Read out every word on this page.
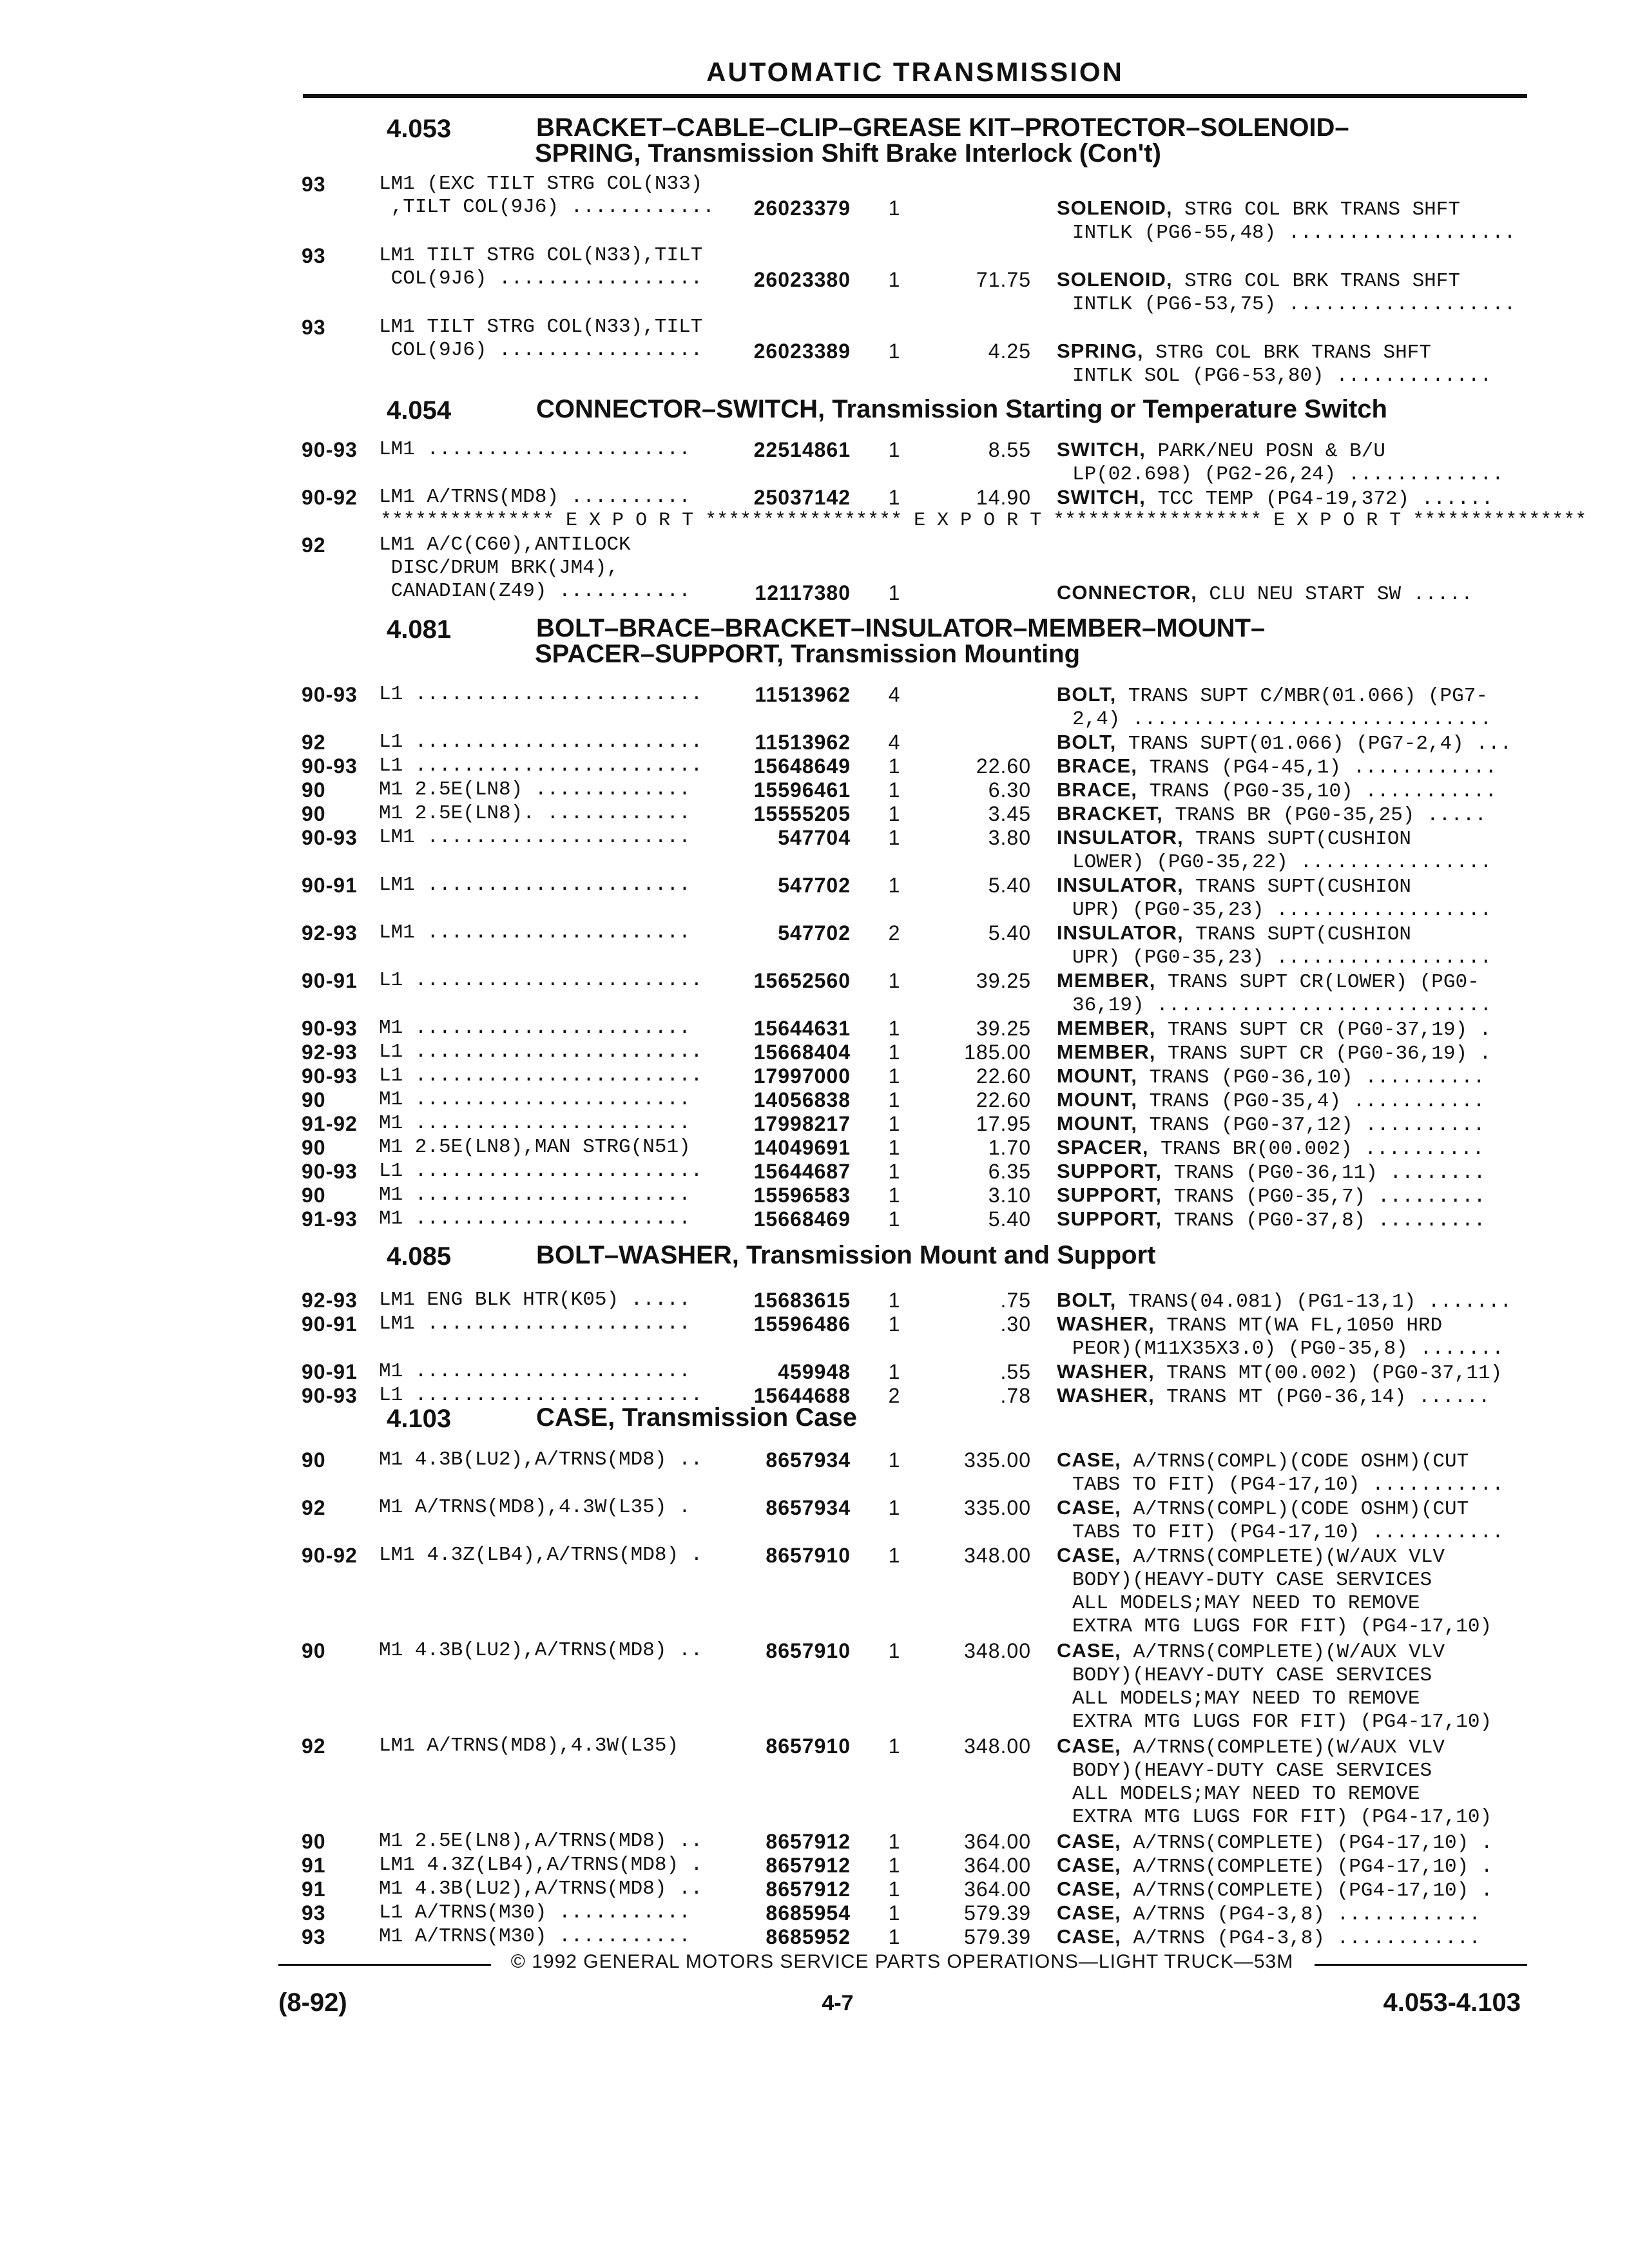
AUTOMATIC TRANSMISSION
4.053	BRACKET–CABLE–CLIP–GREASE KIT–PROTECTOR–SOLENOID–
SPRING, Transmission Shift Brake Interlock (Con't)
93	LM1 (EXC TILT STRG COL(N33)
,TILT COL(9J6) ............	26023379	1	SOLENOID, STRG COL BRK TRANS SHFT
INTLK (PG6-55,48) ...................
93	LM1 TILT STRG COL(N33),TILT
COL(9J6) .................	26023380	1	71.75 SOLENOID, STRG COL BRK TRANS SHFT
INTLK (PG6-53,75) ...................
93	LM1 TILT STRG COL(N33),TILT
COL(9J6) .................	26023389	1	4.25 SPRING, STRG COL BRK TRANS SHFT
INTLK SOL (PG6-53,80) .............
4.054	CONNECTOR–SWITCH, Transmission Starting or Temperature Switch
90-93 LM1 ......................	22514861	1	8.55 SWITCH, PARK/NEU POSN & B/U
LP(02.698) (PG2-26,24) .............
90-92 LM1 A/TRNS(MD8) ..........	25037142	1	14.90 SWITCH, TCC TEMP (PG4-19,372) ......
*************** E X P O R T ***************** E X P O R T ****************** E X P O R T ***************
92	LM1 A/C(C60),ANTILOCK
DISC/DRUM BRK(JM4),
CANADIAN(Z49) ...........	12117380	1	CONNECTOR, CLU NEU START SW .....
4.081	BOLT–BRACE–BRACKET–INSULATOR–MEMBER–MOUNT–
SPACER–SUPPORT, Transmission Mounting
90-93 L1 ........................	11513962	4	BOLT, TRANS SUPT C/MBR(01.066) (PG7-
2,4) ..............................
92	L1 ........................	11513962	4	BOLT, TRANS SUPT(01.066) (PG7-2,4) ...
90-93 L1 ........................	15648649	1	22.60 BRACE, TRANS (PG4-45,1) ............
90	M1 2.5E(LN8) .............	15596461	1	6.30 BRACE, TRANS (PG0-35,10) ...........
90	M1 2.5E(LN8). ............	15555205	1	3.45 BRACKET, TRANS BR (PG0-35,25) .....
90-93 LM1 ......................	547704	1	3.80 INSULATOR, TRANS SUPT(CUSHION
LOWER) (PG0-35,22) ................
90-91 LM1 ......................	547702	1	5.40 INSULATOR, TRANS SUPT(CUSHION
UPR) (PG0-35,23) ..................
92-93 LM1 ......................	547702	2	5.40 INSULATOR, TRANS SUPT(CUSHION
UPR) (PG0-35,23) ..................
90-91 L1 ........................	15652560	1	39.25 MEMBER, TRANS SUPT CR(LOWER) (PG0-
36,19) ............................
90-93 M1 .......................	15644631	1	39.25 MEMBER, TRANS SUPT CR (PG0-37,19) .
92-93 L1 ........................	15668404	1	185.00 MEMBER, TRANS SUPT CR (PG0-36,19) .
90-93 L1 ........................	17997000	1	22.60 MOUNT, TRANS (PG0-36,10) ..........
90	M1 .......................	14056838	1	22.60 MOUNT, TRANS (PG0-35,4) ...........
91-92 M1 .......................	17998217	1	17.95 MOUNT, TRANS (PG0-37,12) ..........
90	M1 2.5E(LN8),MAN STRG(N51)	14049691	1	1.70 SPACER, TRANS BR(00.002) ..........
90-93 L1 ........................	15644687	1	6.35 SUPPORT, TRANS (PG0-36,11) ........
90	M1 .......................	15596583	1	3.10 SUPPORT, TRANS (PG0-35,7) .........
91-93 M1 .......................	15668469	1	5.40 SUPPORT, TRANS (PG0-37,8) .........
4.085	BOLT–WASHER, Transmission Mount and Support
92-93 LM1 ENG BLK HTR(K05) .....	15683615	1	.75 BOLT, TRANS(04.081) (PG1-13,1) .......
90-91 LM1 ......................	15596486	1	.30 WASHER, TRANS MT(WA FL,1050 HRD
PEOR)(M11X35X3.0) (PG0-35,8) .......
90-91 M1 .......................	459948	1	.55 WASHER, TRANS MT(00.002) (PG0-37,11)
90-93 L1 ........................	15644688	2	.78 WASHER, TRANS MT (PG0-36,14) ......
4.103	CASE, Transmission Case
90	M1 4.3B(LU2),A/TRNS(MD8) ..	8657934	1	335.00 CASE, A/TRNS(COMPL)(CODE OSHM)(CUT
TABS TO FIT) (PG4-17,10) ...........
92	M1 A/TRNS(MD8),4.3W(L35) .	8657934	1	335.00 CASE, A/TRNS(COMPL)(CODE OSHM)(CUT
TABS TO FIT) (PG4-17,10) ...........
90-92 LM1 4.3Z(LB4),A/TRNS(MD8) .	8657910	1	348.00 CASE, A/TRNS(COMPLETE)(W/AUX VLV
BODY)(HEAVY-DUTY CASE SERVICES
ALL MODELS;MAY NEED TO REMOVE
EXTRA MTG LUGS FOR FIT) (PG4-17,10)
90	M1 4.3B(LU2),A/TRNS(MD8) ..	8657910	1	348.00 CASE, A/TRNS(COMPLETE)(W/AUX VLV
BODY)(HEAVY-DUTY CASE SERVICES
ALL MODELS;MAY NEED TO REMOVE
EXTRA MTG LUGS FOR FIT) (PG4-17,10)
92	LM1 A/TRNS(MD8),4.3W(L35)	8657910	1	348.00 CASE, A/TRNS(COMPLETE)(W/AUX VLV
BODY)(HEAVY-DUTY CASE SERVICES
ALL MODELS;MAY NEED TO REMOVE
EXTRA MTG LUGS FOR FIT) (PG4-17,10)
90	M1 2.5E(LN8),A/TRNS(MD8) ..	8657912	1	364.00 CASE, A/TRNS(COMPLETE) (PG4-17,10) .
91	LM1 4.3Z(LB4),A/TRNS(MD8) .	8657912	1	364.00 CASE, A/TRNS(COMPLETE) (PG4-17,10) .
91	M1 4.3B(LU2),A/TRNS(MD8) ..	8657912	1	364.00 CASE, A/TRNS(COMPLETE) (PG4-17,10) .
93	L1 A/TRNS(M30) ...........	8685954	1	579.39 CASE, A/TRNS (PG4-3,8) ............
93	M1 A/TRNS(M30) ...........	8685952	1	579.39 CASE, A/TRNS (PG4-3,8) ............
© 1992 GENERAL MOTORS SERVICE PARTS OPERATIONS—LIGHT TRUCK—53M
(8-92)	4-7	4.053-4.103
